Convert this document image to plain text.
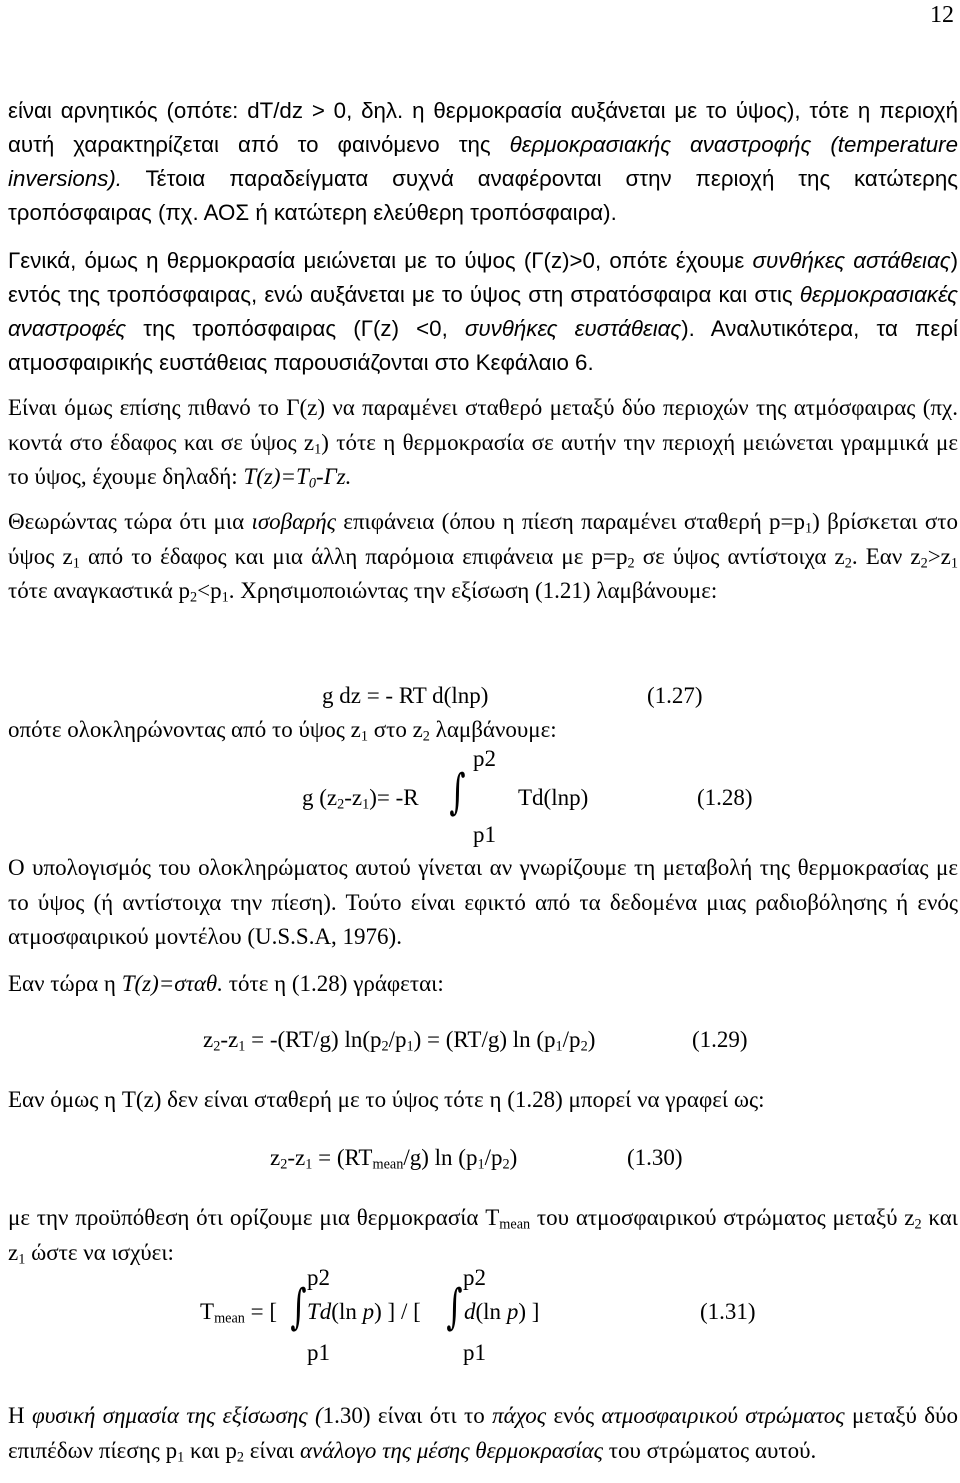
12

είναι αρνητικός (οπότε: dT/dz > 0, δηλ. η θερμοκρασία αυξάνεται με το ύψος), τότε η περιοχή αυτή χαρακτηρίζεται από το φαινόμενο της θερμοκρασιακής αναστροφής (temperature inversions). Τέτοια παραδείγματα συχνά αναφέρονται στην περιοχή της κατώτερης τροπόσφαιρας (πχ. ΑΟΣ ή κατώτερη ελεύθερη τροπόσφαιρα).

Γενικά, όμως η θερμοκρασία μειώνεται με το ύψος (Γ(z)>0, οπότε έχουμε συνθήκες αστάθειας) εντός της τροπόσφαιρας, ενώ αυξάνεται με το ύψος στη στρατόσφαιρα και στις θερμοκρασιακές αναστροφές της τροπόσφαιρας (Γ(z) <0, συνθήκες ευστάθειας). Αναλυτικότερα, τα περί ατμοσφαιρικής ευστάθειας παρουσιάζονται στο Κεφάλαιο 6.

Είναι όμως επίσης πιθανό το Γ(z) να παραμένει σταθερό μεταξύ δύο περιοχών της ατμόσφαιρας (πχ. κοντά στο έδαφος και σε ύψος $z_1$) τότε η θερμοκρασία σε αυτήν την περιοχή μειώνεται γραμμικά με το ύψος, έχουμε δηλαδή: $T(z)=T_0-\Gamma z$.

Θεωρώντας τώρα ότι μια ισοβαρής επιφάνεια (όπου η πίεση παραμένει σταθερή $p=p_1$) βρίσκεται στο ύψος $z_1$ από το έδαφος και μια άλλη παρόμοια επιφάνεια με $p=p_2$ σε ύψος αντίστοιχα $z_2$. Εαν $z_2>z_1$ τότε αναγκαστικά $p_2<p_1$. Χρησιμοποιώντας την εξίσωση (1.21) λαμβάνουμε:

g dz = - RT d(lnp)	(1.27)

οπότε ολοκληρώνοντας από το ύψος $z_1$ στο $z_2$ λαμβάνουμε:

p2
g $(z_2-z_1)= -R$ ∫ Td(lnp)	(1.28)
p1

Ο υπολογισμός του ολοκληρώματος αυτού γίνεται αν γνωρίζουμε τη μεταβολή της θερμοκρασίας με το ύψος (ή αντίστοιχα την πίεση). Τούτο είναι εφικτό από τα δεδομένα μιας ραδιοβόλησης ή ενός ατμοσφαιρικού μοντέλου (U.S.S.A, 1976).

Εαν τώρα η T(z)=σταθ. τότε η (1.28) γράφεται:

$z_2-z_1 = -(RT/g) \ln(p_2/p_1) = (RT/g)$ $\ln (p_1/p_2)$	(1.29)

Εαν όμως η T(z) δεν είναι σταθερή με το ύψος τότε η (1.28) μπορεί να γραφεί ως:

$z_2-z_1 = (RT_{mean}/g)$ $\ln (p_1/p_2)$	(1.30)

με την προϋπόθεση ότι ορίζουμε μια θερμοκρασία $T_{mean}$ του ατμοσφαιρικού στρώματος μεταξύ $z_2$ και $z_1$ ώστε να ισχύει:

p2	p2
$T_{mean}$ = [ ∫ Td(ln p) ] / [ ∫ d(ln p) ]	(1.31)
p1	p1

Η φυσική σημασία της εξίσωσης (1.30) είναι ότι το πάχος ενός ατμοσφαιρικού στρώματος μεταξύ δύο επιπέδων πίεσης $p_1$ και $p_2$ είναι ανάλογο της μέσης θερμοκρασίας του στρώματος αυτού.
